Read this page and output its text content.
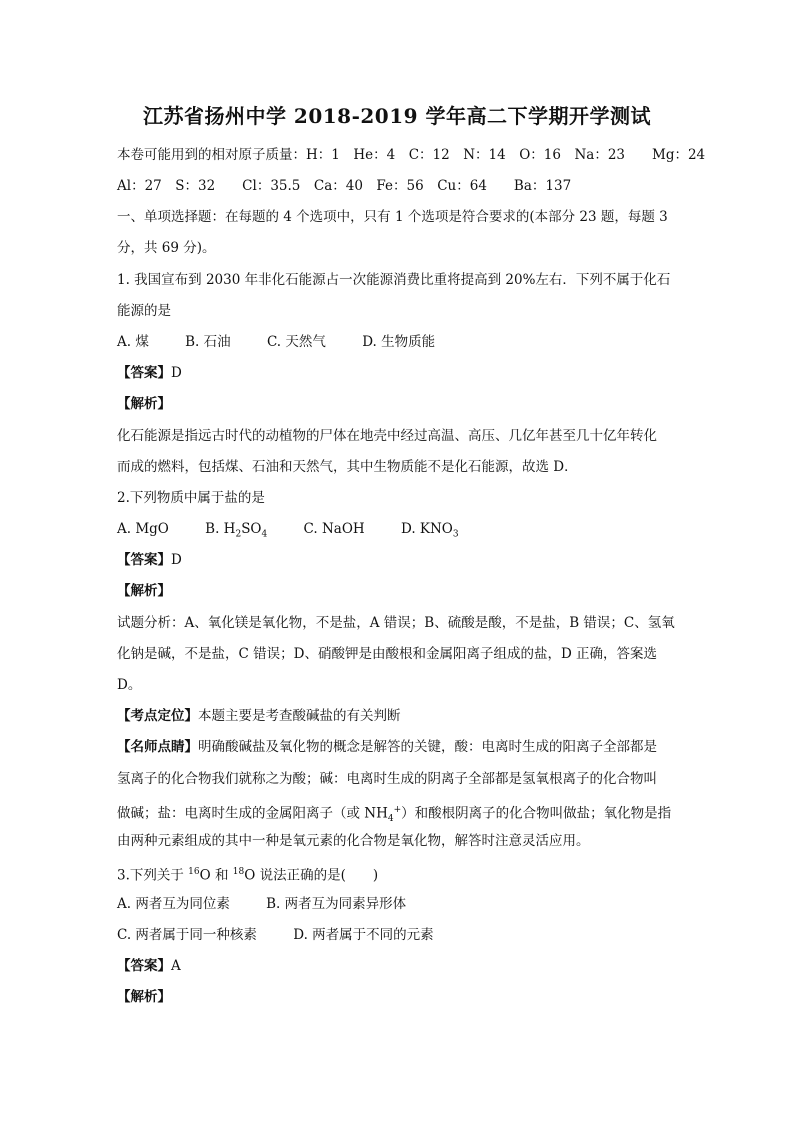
江苏省扬州中学 2018-2019 学年高二下学期开学测试
本卷可能用到的相对原子质量：H：1　He：4　C：12　N：14　O：16　Na：23　　Mg：24
Al：27　S：32　　Cl：35.5　Ca：40　Fe：56　Cu：64　　Ba：137
一、单项选择题：在每题的 4 个选项中，只有 1 个选项是符合要求的(本部分 23 题，每题 3
分，共 69 分)。
1. 我国宣布到 2030 年非化石能源占一次能源消费比重将提高到 20%左右．下列不属于化石
能源的是
A. 煤	B. 石油	C. 天然气	D. 生物质能
【答案】D
【解析】
化石能源是指远古时代的动植物的尸体在地壳中经过高温、高压、几亿年甚至几十亿年转化
而成的燃料，包括煤、石油和天然气，其中生物质能不是化石能源，故选 D．
2.下列物质中属于盐的是
A. MgO	B. $H_2SO_4$	C. NaOH	D. $KNO_3$
【答案】D
【解析】
试题分析：A、氧化镁是氧化物，不是盐，A 错误；B、硫酸是酸，不是盐，B 错误；C、氢氧
化钠是碱，不是盐，C 错误；D、硝酸钾是由酸根和金属阳离子组成的盐，D 正确，答案选
D。
【考点定位】本题主要是考查酸碱盐的有关判断
【名师点睛】明确酸碱盐及氧化物的概念是解答的关键，酸：电离时生成的阳离子全部都是
氢离子的化合物我们就称之为酸；碱：电离时生成的阴离子全部都是氢氧根离子的化合物叫
做碱；盐：电离时生成的金属阳离子（或 $NH_4^+$）和酸根阴离子的化合物叫做盐；氧化物是指
由两种元素组成的其中一种是氧元素的化合物是氧化物，解答时注意灵活应用。
3.下列关于 $^{16}$O 和 $^{18}$O 说法正确的是(　　)
A. 两者互为同位素	B. 两者互为同素异形体
C. 两者属于同一种核素	D. 两者属于不同的元素
【答案】A
【解析】
